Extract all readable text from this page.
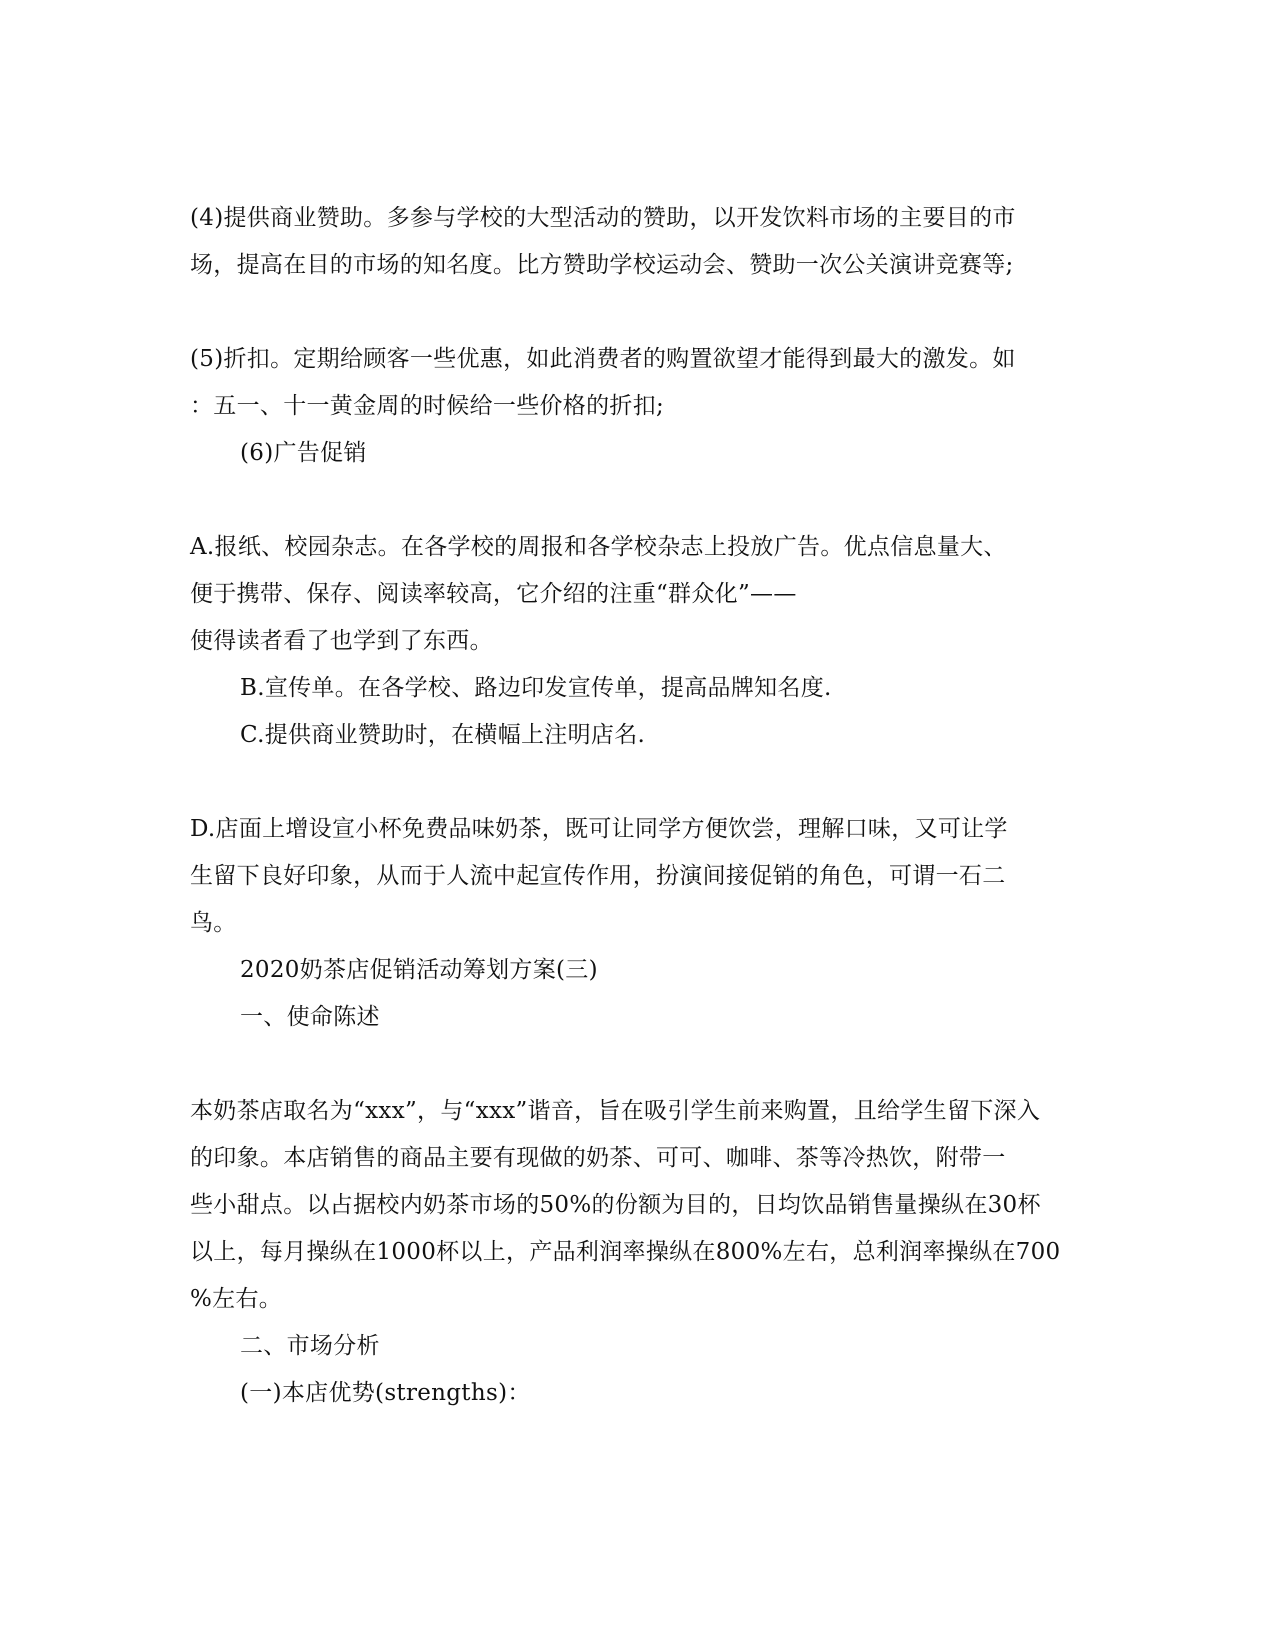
(4)提供商业赞助。多参与学校的大型活动的赞助，以开发饮料市场的主要目的市
场，提高在目的市场的知名度。比方赞助学校运动会、赞助一次公关演讲竞赛等;
(5)折扣。定期给顾客一些优惠，如此消费者的购置欲望才能得到最大的激发。如
：五一、十一黄金周的时候给一些价格的折扣;
(6)广告促销
A.报纸、校园杂志。在各学校的周报和各学校杂志上投放广告。优点信息量大、
便于携带、保存、阅读率较高，它介绍的注重“群众化”——
使得读者看了也学到了东西。
B.宣传单。在各学校、路边印发宣传单，提高品牌知名度.
C.提供商业赞助时，在横幅上注明店名.
D.店面上增设宣小杯免费品味奶茶，既可让同学方便饮尝，理解口味，又可让学
生留下良好印象，从而于人流中起宣传作用，扮演间接促销的角色，可谓一石二
鸟。
2020奶茶店促销活动筹划方案(三)
一、使命陈述
本奶茶店取名为“xxx”，与“xxx”谐音，旨在吸引学生前来购置，且给学生留下深入
的印象。本店销售的商品主要有现做的奶茶、可可、咖啡、茶等冷热饮，附带一
些小甜点。以占据校内奶茶市场的50%的份额为目的，日均饮品销售量操纵在30杯
以上，每月操纵在1000杯以上，产品利润率操纵在800%左右，总利润率操纵在700
%左右。
二、市场分析
(一)本店优势(strengths)：
